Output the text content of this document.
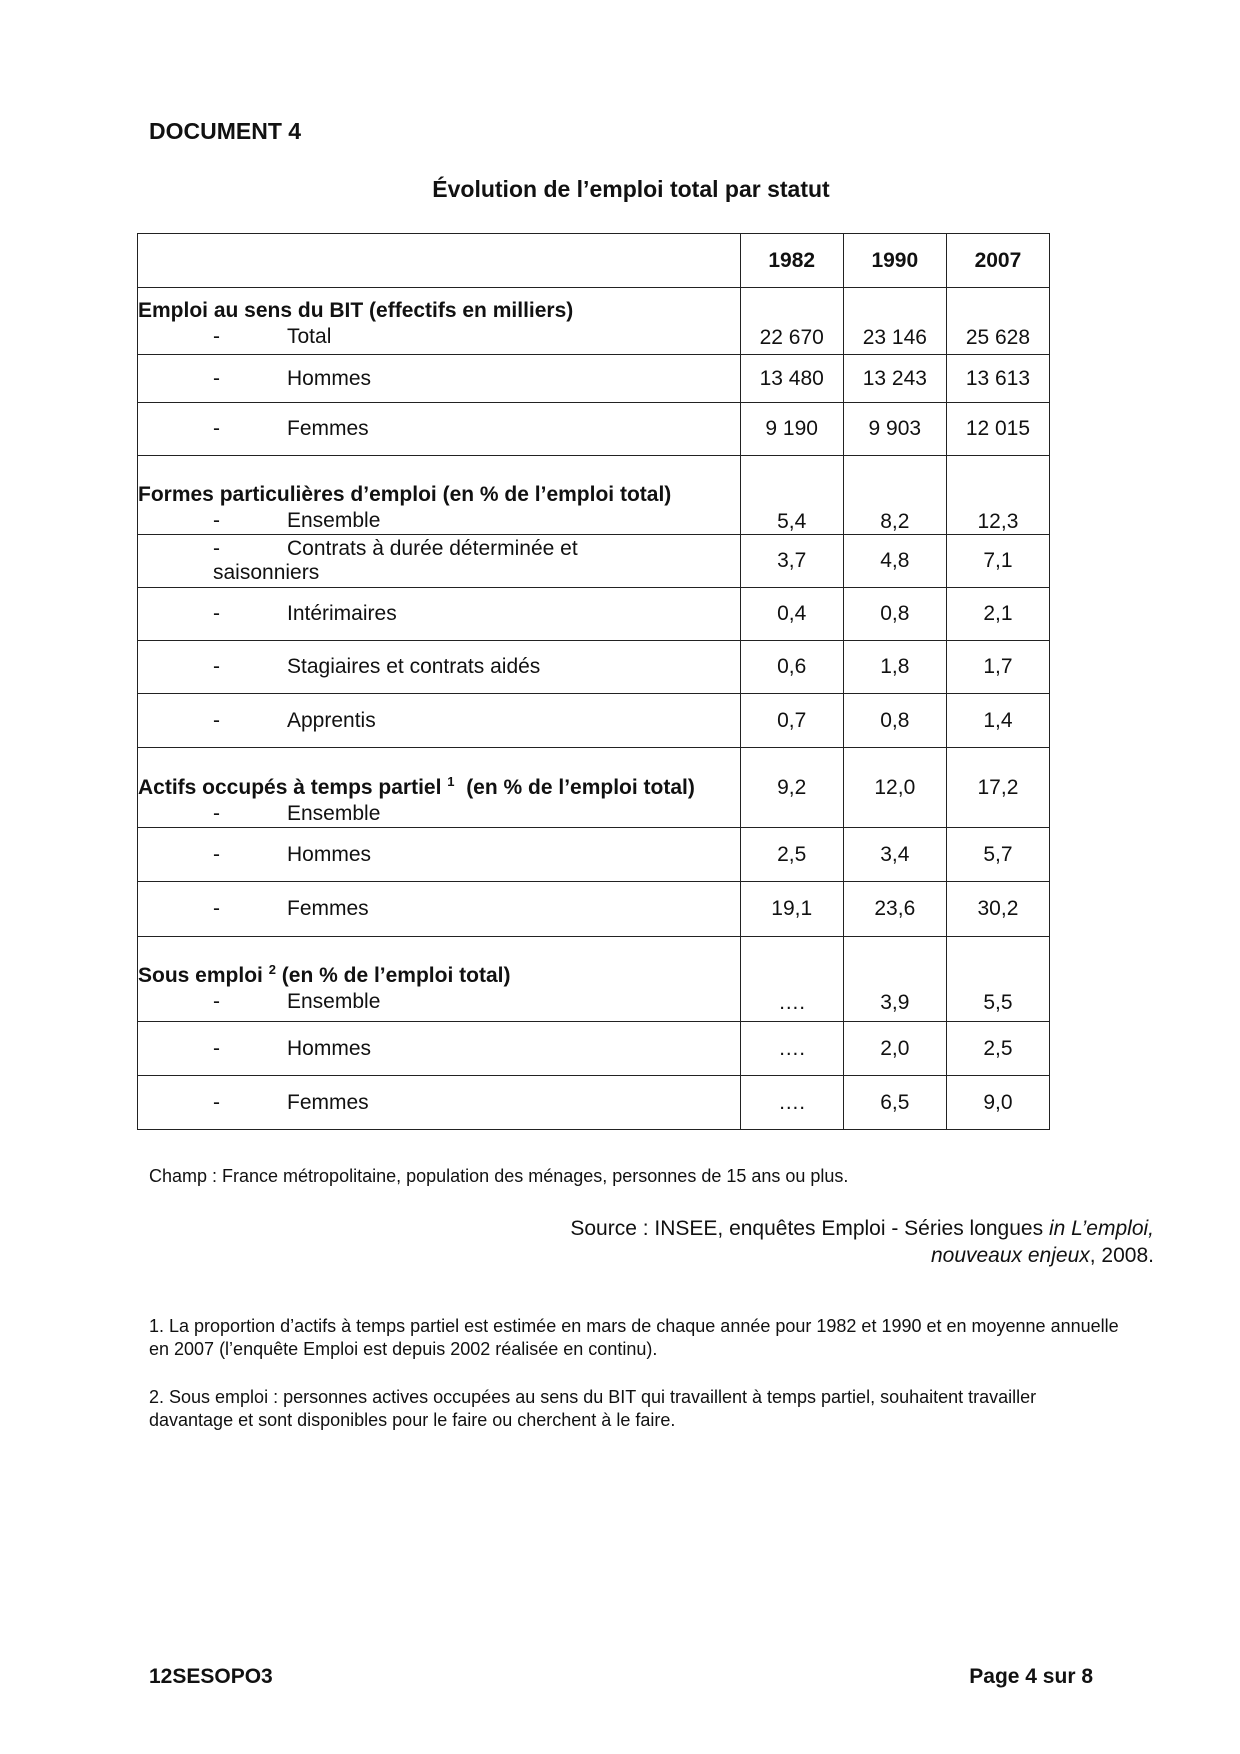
DOCUMENT 4
Évolution de l’emploi total par statut
	1982	1990	2007

Emploi au sens du BIT (effectifs en milliers)
- Total	22 670	23 146	25 628

- Hommes	13 480	13 243	13 613

- Femmes	9 190	9 903	12 015

Formes particulières d’emploi (en % de l’emploi total)
- Ensemble	5,4	8,2	12,3

- Contrats à durée déterminée et
saisonniers	3,7	4,8	7,1

- Intérimaires	0,4	0,8	2,1

- Stagiaires et contrats aidés	0,6	1,8	1,7

- Apprentis	0,7	0,8	1,4

Actifs occupés à temps partiel $^1$ (en % de l’emploi total)
- Ensemble	9,2	12,0	17,2

- Hommes	2,5	3,4	5,7

- Femmes	19,1	23,6	30,2

Sous emploi $^2$ (en % de l’emploi total)
- Ensemble	….	3,9	5,5

- Hommes	….	2,0	2,5

- Femmes	….	6,5	9,0
Champ : France métropolitaine, population des ménages, personnes de 15 ans ou plus.
Source : INSEE, enquêtes Emploi - Séries longues in L’emploi,
nouveaux enjeux, 2008.
1. La proportion d’actifs à temps partiel est estimée en mars de chaque année pour 1982 et 1990 et en moyenne annuelle en 2007 (l’enquête Emploi est depuis 2002 réalisée en continu).
2. Sous emploi : personnes actives occupées au sens du BIT qui travaillent à temps partiel, souhaitent travailler davantage et sont disponibles pour le faire ou cherchent à le faire.
12SESOPO3	Page 4 sur 8
